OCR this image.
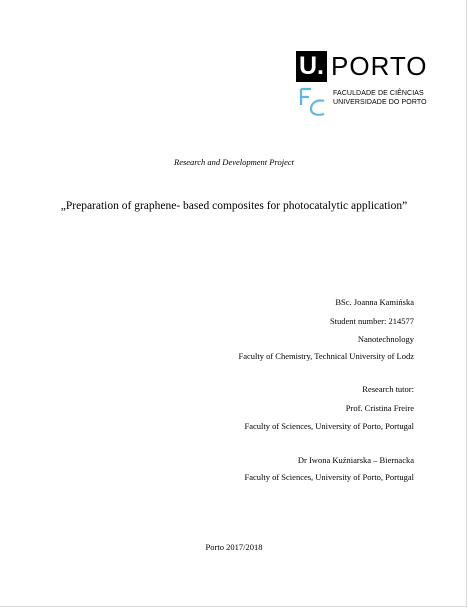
U. PORTO
FACULDADE DE CIÊNCIAS
UNIVERSIDADE DO PORTO
Research and Development Project
„Preparation of graphene- based composites for photocatalytic application”
BSc. Joanna Kamińska
Student number: 214577
Nanotechnology
Faculty of Chemistry, Technical University of Lodz
Research tutor:
Prof. Cristina Freire
Faculty of Sciences, University of Porto, Portugal
Dr Iwona Kuźniarska – Biernacka
Faculty of Sciences, University of Porto, Portugal
Porto 2017/2018
